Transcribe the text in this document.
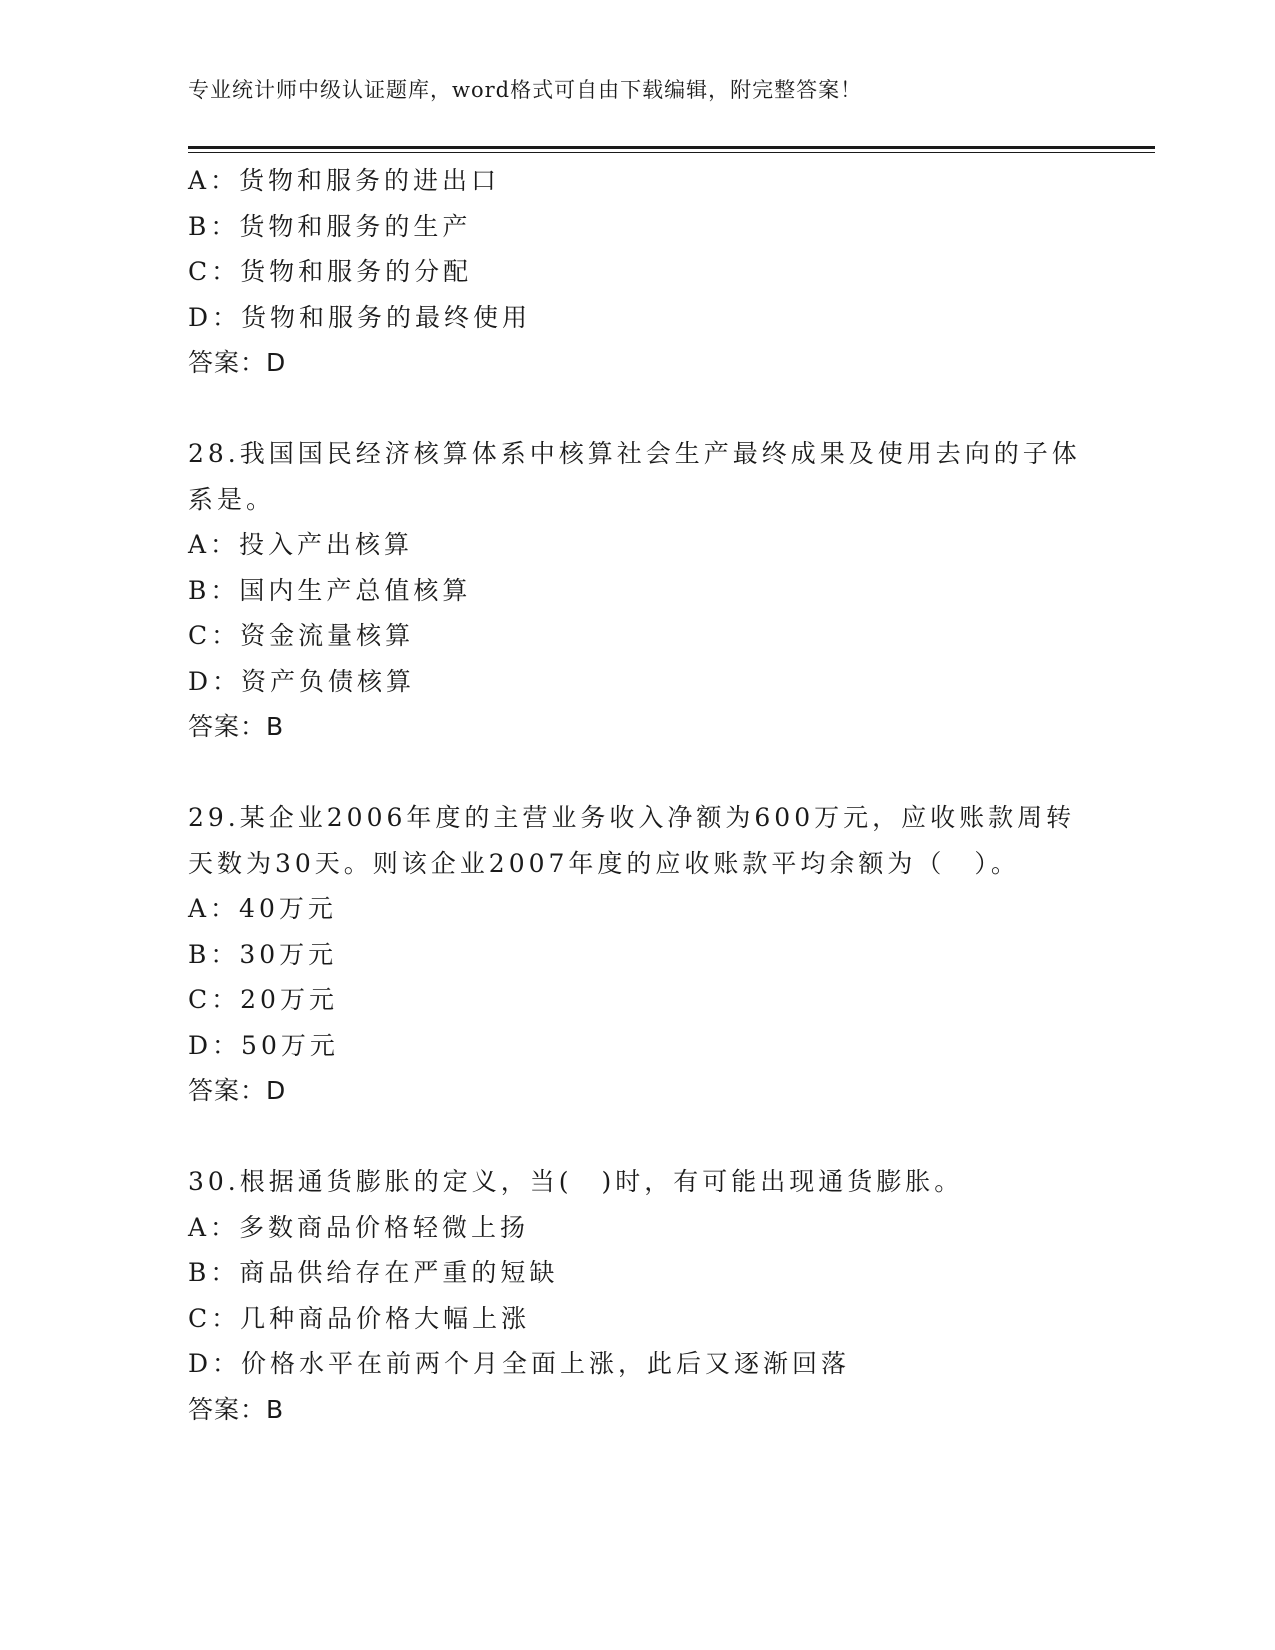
专业统计师中级认证题库，word格式可自由下载编辑，附完整答案！
A：货物和服务的进出口
B：货物和服务的生产
C：货物和服务的分配
D：货物和服务的最终使用
答案：D
28.我国国民经济核算体系中核算社会生产最终成果及使用去向的子体
系是。
A：投入产出核算
B：国内生产总值核算
C：资金流量核算
D：资产负债核算
答案：B
29.某企业2006年度的主营业务收入净额为600万元，应收账款周转
天数为30天。则该企业2007年度的应收账款平均余额为（　）。
A：40万元
B：30万元
C：20万元
D：50万元
答案：D
30.根据通货膨胀的定义，当(　)时，有可能出现通货膨胀。
A：多数商品价格轻微上扬
B：商品供给存在严重的短缺
C：几种商品价格大幅上涨
D：价格水平在前两个月全面上涨，此后又逐渐回落
答案：B
